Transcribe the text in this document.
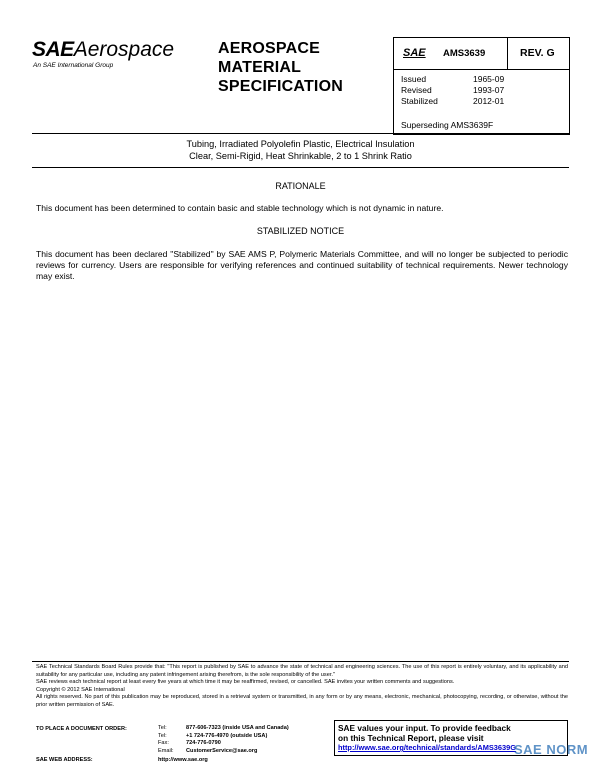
SAEAerospace
An SAE International Group
AEROSPACE
MATERIAL
SPECIFICATION
SAE AMS3639	REV. G
Issued	1965-09
Revised	1993-07
Stabilized	2012-01
Superseding AMS3639F
Tubing, Irradiated Polyolefin Plastic, Electrical Insulation
Clear, Semi-Rigid, Heat Shrinkable, 2 to 1 Shrink Ratio
RATIONALE
This document has been determined to contain basic and stable technology which is not dynamic in nature.
STABILIZED NOTICE
This document has been declared "Stabilized" by SAE AMS P, Polymeric Materials Committee, and will no longer be subjected to periodic reviews for currency. Users are responsible for verifying references and continued suitability of technical requirements. Newer technology may exist.
SAE Technical Standards Board Rules provide that: "This report is published by SAE to advance the state of technical and engineering sciences. The use of this report is entirely voluntary, and its applicability and suitability for any particular use, including any patent infringement arising therefrom, is the sole responsibility of the user."
SAE reviews each technical report at least every five years at which time it may be reaffirmed, revised, or cancelled. SAE invites your written comments and suggestions.
Copyright © 2012 SAE International
All rights reserved. No part of this publication may be reproduced, stored in a retrieval system or transmitted, in any form or by any means, electronic, mechanical, photocopying, recording, or otherwise, without the prior written permission of SAE.
TO PLACE A DOCUMENT ORDER:	Tel:	877-606-7323 (inside USA and Canada)
Tel:	+1 724-776-4970 (outside USA)
Fax:	724-776-0790
Email:	CustomerService@sae.org
SAE WEB ADDRESS:	http://www.sae.org
SAE values your input. To provide feedback
on this Technical Report, please visit
http://www.sae.org/technical/standards/AMS3639G
SAE NORM
